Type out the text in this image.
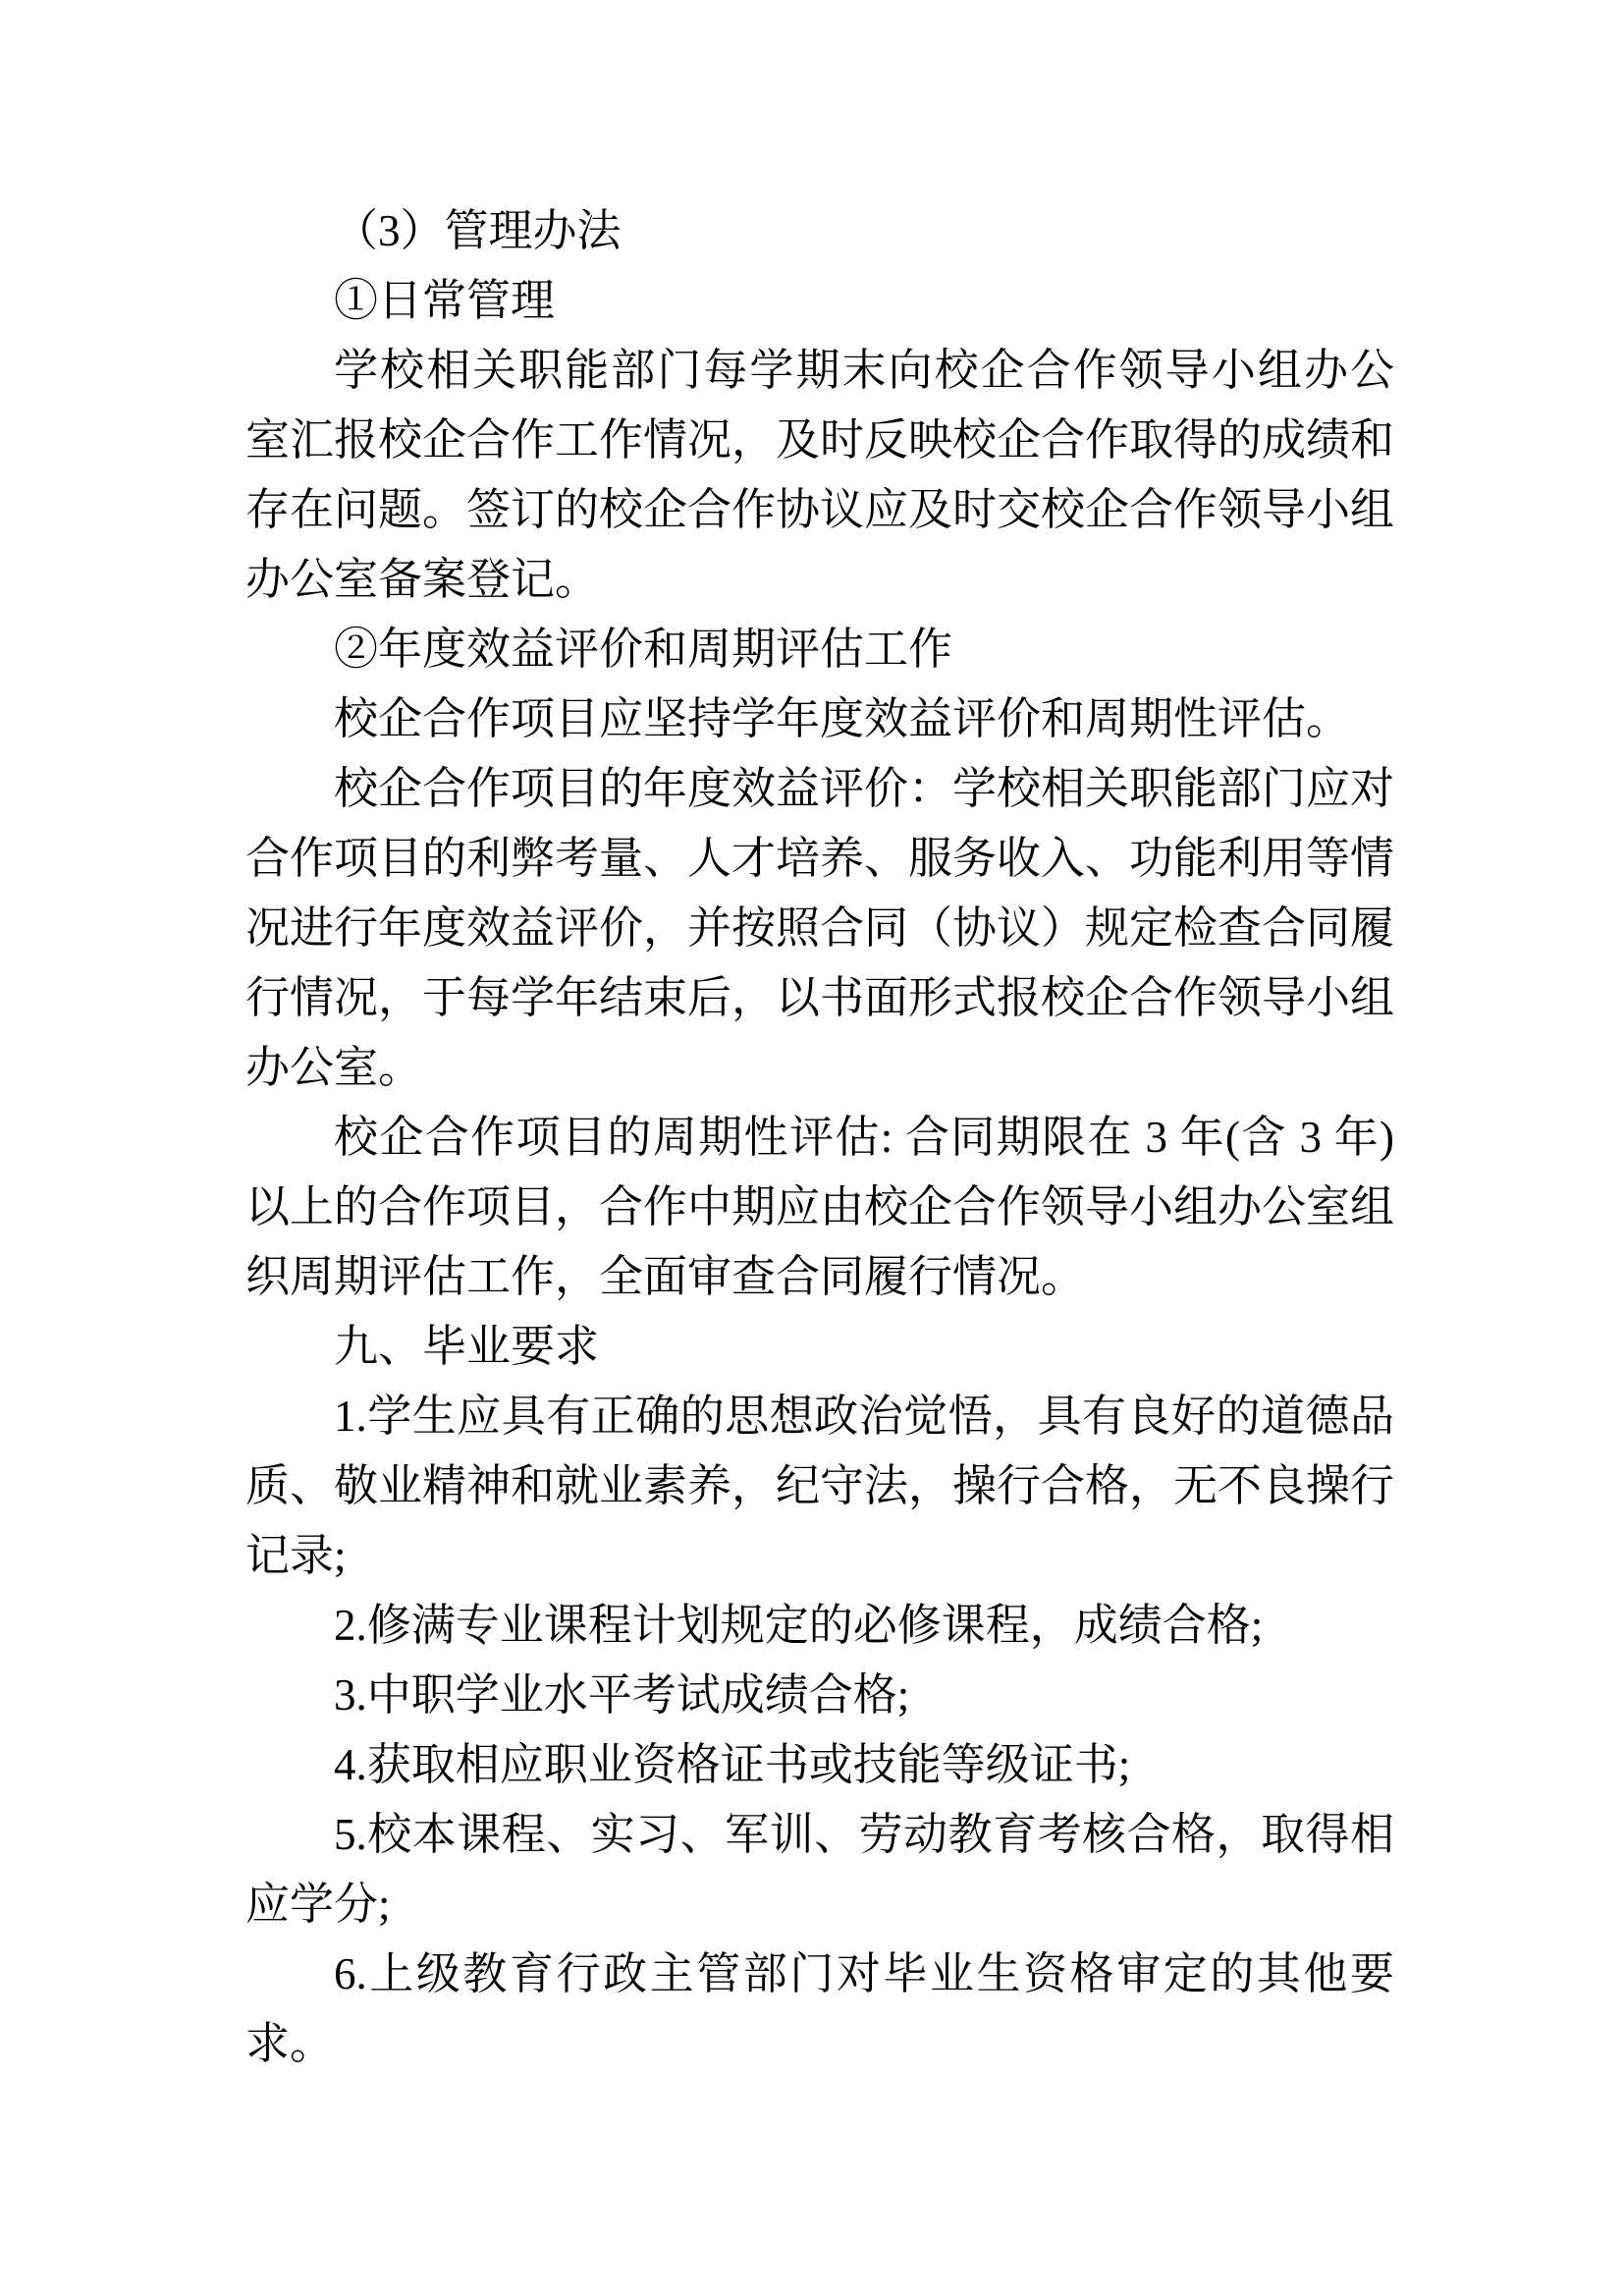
（3）管理办法
①日常管理
学校相关职能部门每学期末向校企合作领导小组办公
室汇报校企合作工作情况，及时反映校企合作取得的成绩和
存在问题。签订的校企合作协议应及时交校企合作领导小组
办公室备案登记。
②年度效益评价和周期评估工作
校企合作项目应坚持学年度效益评价和周期性评估。
校企合作项目的年度效益评价：学校相关职能部门应对
合作项目的利弊考量、人才培养、服务收入、功能利用等情
况进行年度效益评价，并按照合同（协议）规定检查合同履
行情况，于每学年结束后，以书面形式报校企合作领导小组
办公室。
校企合作项目的周期性评估: 合同期限在 3 年(含 3 年)
以上的合作项目，合作中期应由校企合作领导小组办公室组
织周期评估工作，全面审查合同履行情况。
九、毕业要求
1.学生应具有正确的思想政治觉悟，具有良好的道德品
质、敬业精神和就业素养，纪守法，操行合格，无不良操行
记录;
2.修满专业课程计划规定的必修课程，成绩合格;
3.中职学业水平考试成绩合格;
4.获取相应职业资格证书或技能等级证书;
5.校本课程、实习、军训、劳动教育考核合格，取得相
应学分;
6.上级教育行政主管部门对毕业生资格审定的其他要
求。
